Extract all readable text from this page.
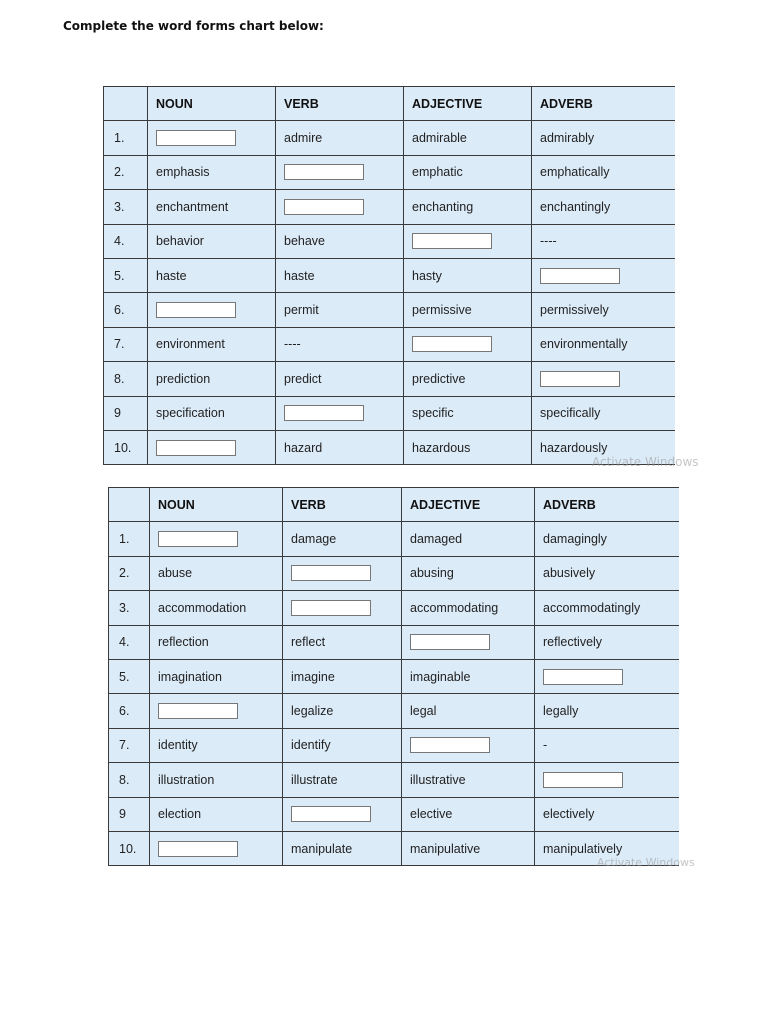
Complete the word forms chart below:
	NOUN	VERB	ADJECTIVE	ADVERB
1.		admire	admirable	admirably
2.	emphasis		emphatic	emphatically
3.	enchantment		enchanting	enchantingly
4.	behavior	behave		----
5.	haste	haste	hasty	
6.		permit	permissive	permissively
7.	environment	----		environmentally
8.	prediction	predict	predictive	
9	specification		specific	specifically
10.		hazard	hazardous	hazardously
Activate Windows
	NOUN	VERB	ADJECTIVE	ADVERB
1.		damage	damaged	damagingly
2.	abuse		abusing	abusively
3.	accommodation		accommodating	accommodatingly
4.	reflection	reflect		reflectively
5.	imagination	imagine	imaginable	
6.		legalize	legal	legally
7.	identity	identify		-
8.	illustration	illustrate	illustrative	
9	election		elective	electively
10.		manipulate	manipulative	manipulatively
Activate Windows
